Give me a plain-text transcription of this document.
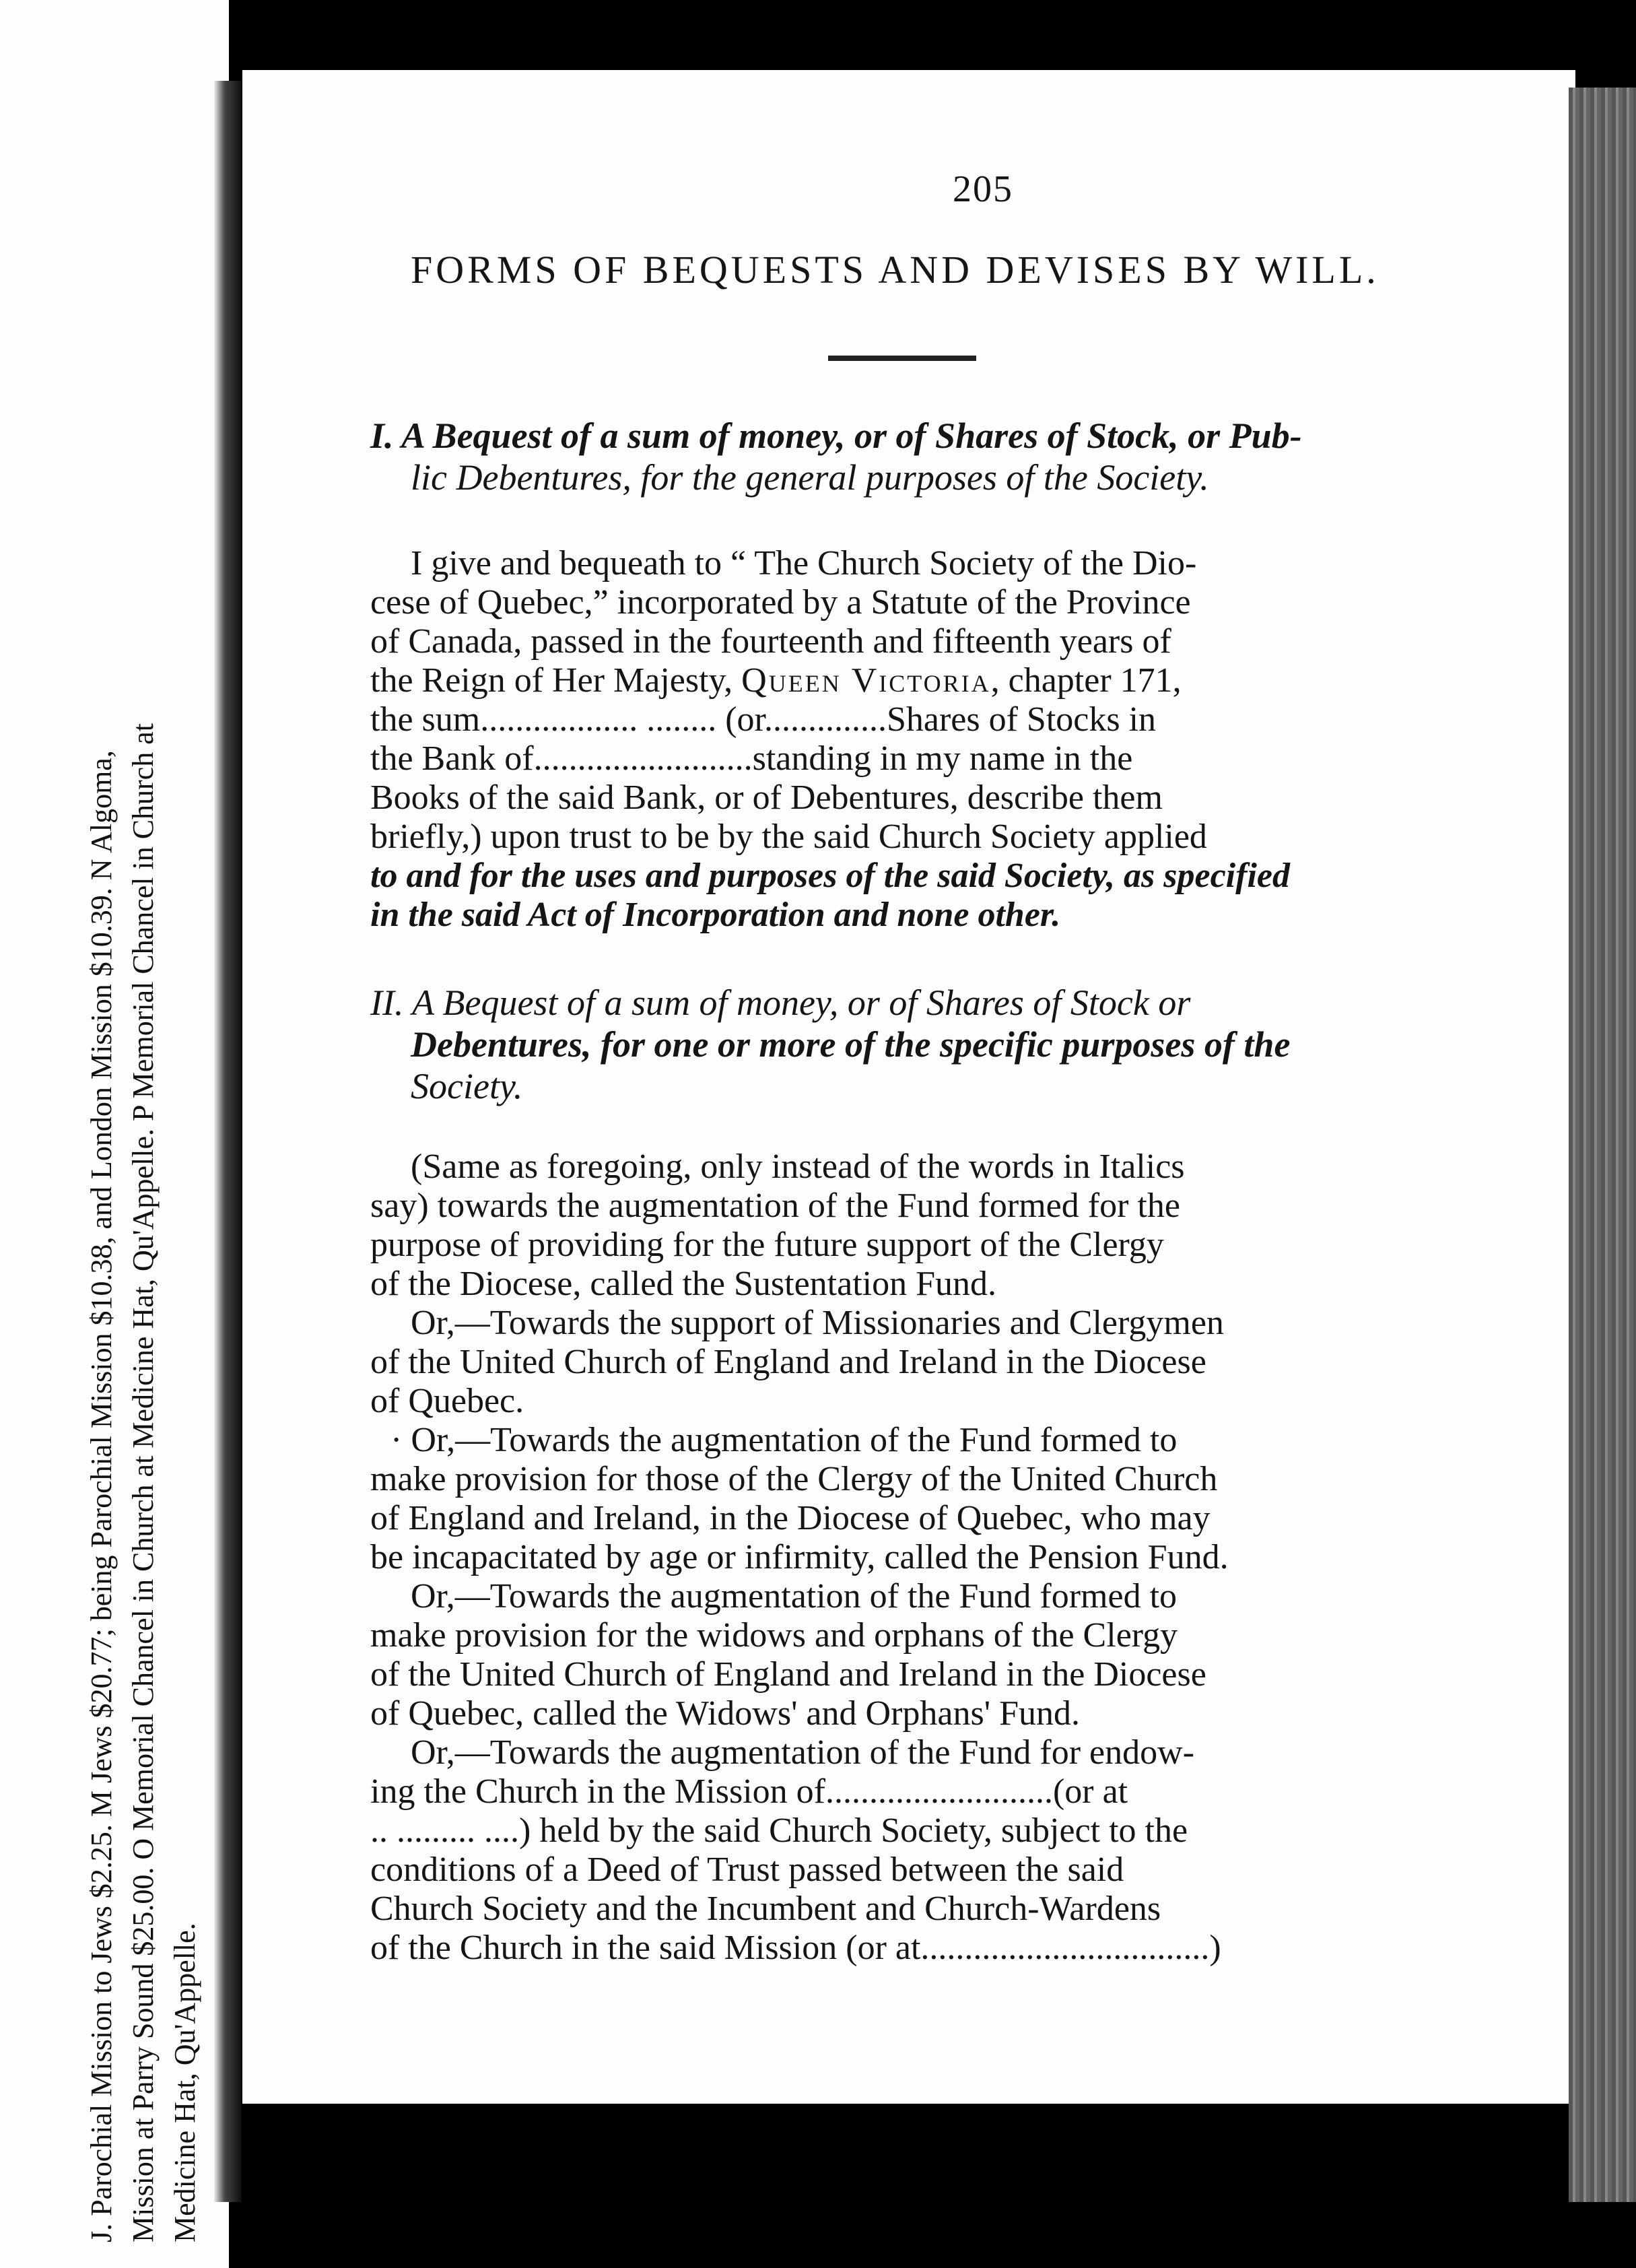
J. Parochial Mission to Jews $2.25. M Jews $20.77; being Parochial Mission $10.38, and London Mission $10.39. N Algoma, Mission at Parry Sound $25.00. O Memorial Chancel in Church at Medicine Hat, Qu'Appelle. P Memorial Chancel in Church at Medicine Hat, Qu'Appelle.
205
FORMS OF BEQUESTS AND DEVISES BY WILL.
I. A Bequest of a sum of money, or of Shares of Stock, or Pub-
lic Debentures, for the general purposes of the Society.
I give and bequeath to “ The Church Society of the Dio-
cese of Quebec,” incorporated by a Statute of the Province
of Canada, passed in the fourteenth and fifteenth years of
the Reign of Her Majesty, Queen Victoria, chapter 171,
the sum.................. ........ (or..............Shares of Stocks in
the Bank of.........................standing in my name in the
Books of the said Bank, or of Debentures, describe them
briefly,) upon trust to be by the said Church Society applied
to and for the uses and purposes of the said Society, as specified
in the said Act of Incorporation and none other.
II. A Bequest of a sum of money, or of Shares of Stock or
Debentures, for one or more of the specific purposes of the
Society.
(Same as foregoing, only instead of the words in Italics
say) towards the augmentation of the Fund formed for the
purpose of providing for the future support of the Clergy
of the Diocese, called the Sustentation Fund.
Or,—Towards the support of Missionaries and Clergymen
of the United Church of England and Ireland in the Diocese
of Quebec.
· Or,—Towards the augmentation of the Fund formed to
make provision for those of the Clergy of the United Church
of England and Ireland, in the Diocese of Quebec, who may
be incapacitated by age or infirmity, called the Pension Fund.
Or,—Towards the augmentation of the Fund formed to
make provision for the widows and orphans of the Clergy
of the United Church of England and Ireland in the Diocese
of Quebec, called the Widows' and Orphans' Fund.
Or,—Towards the augmentation of the Fund for endow-
ing the Church in the Mission of..........................(or at
.. ......... ....) held by the said Church Society, subject to the
conditions of a Deed of Trust passed between the said
Church Society and the Incumbent and Church-Wardens
of the Church in the said Mission (or at.................................)
